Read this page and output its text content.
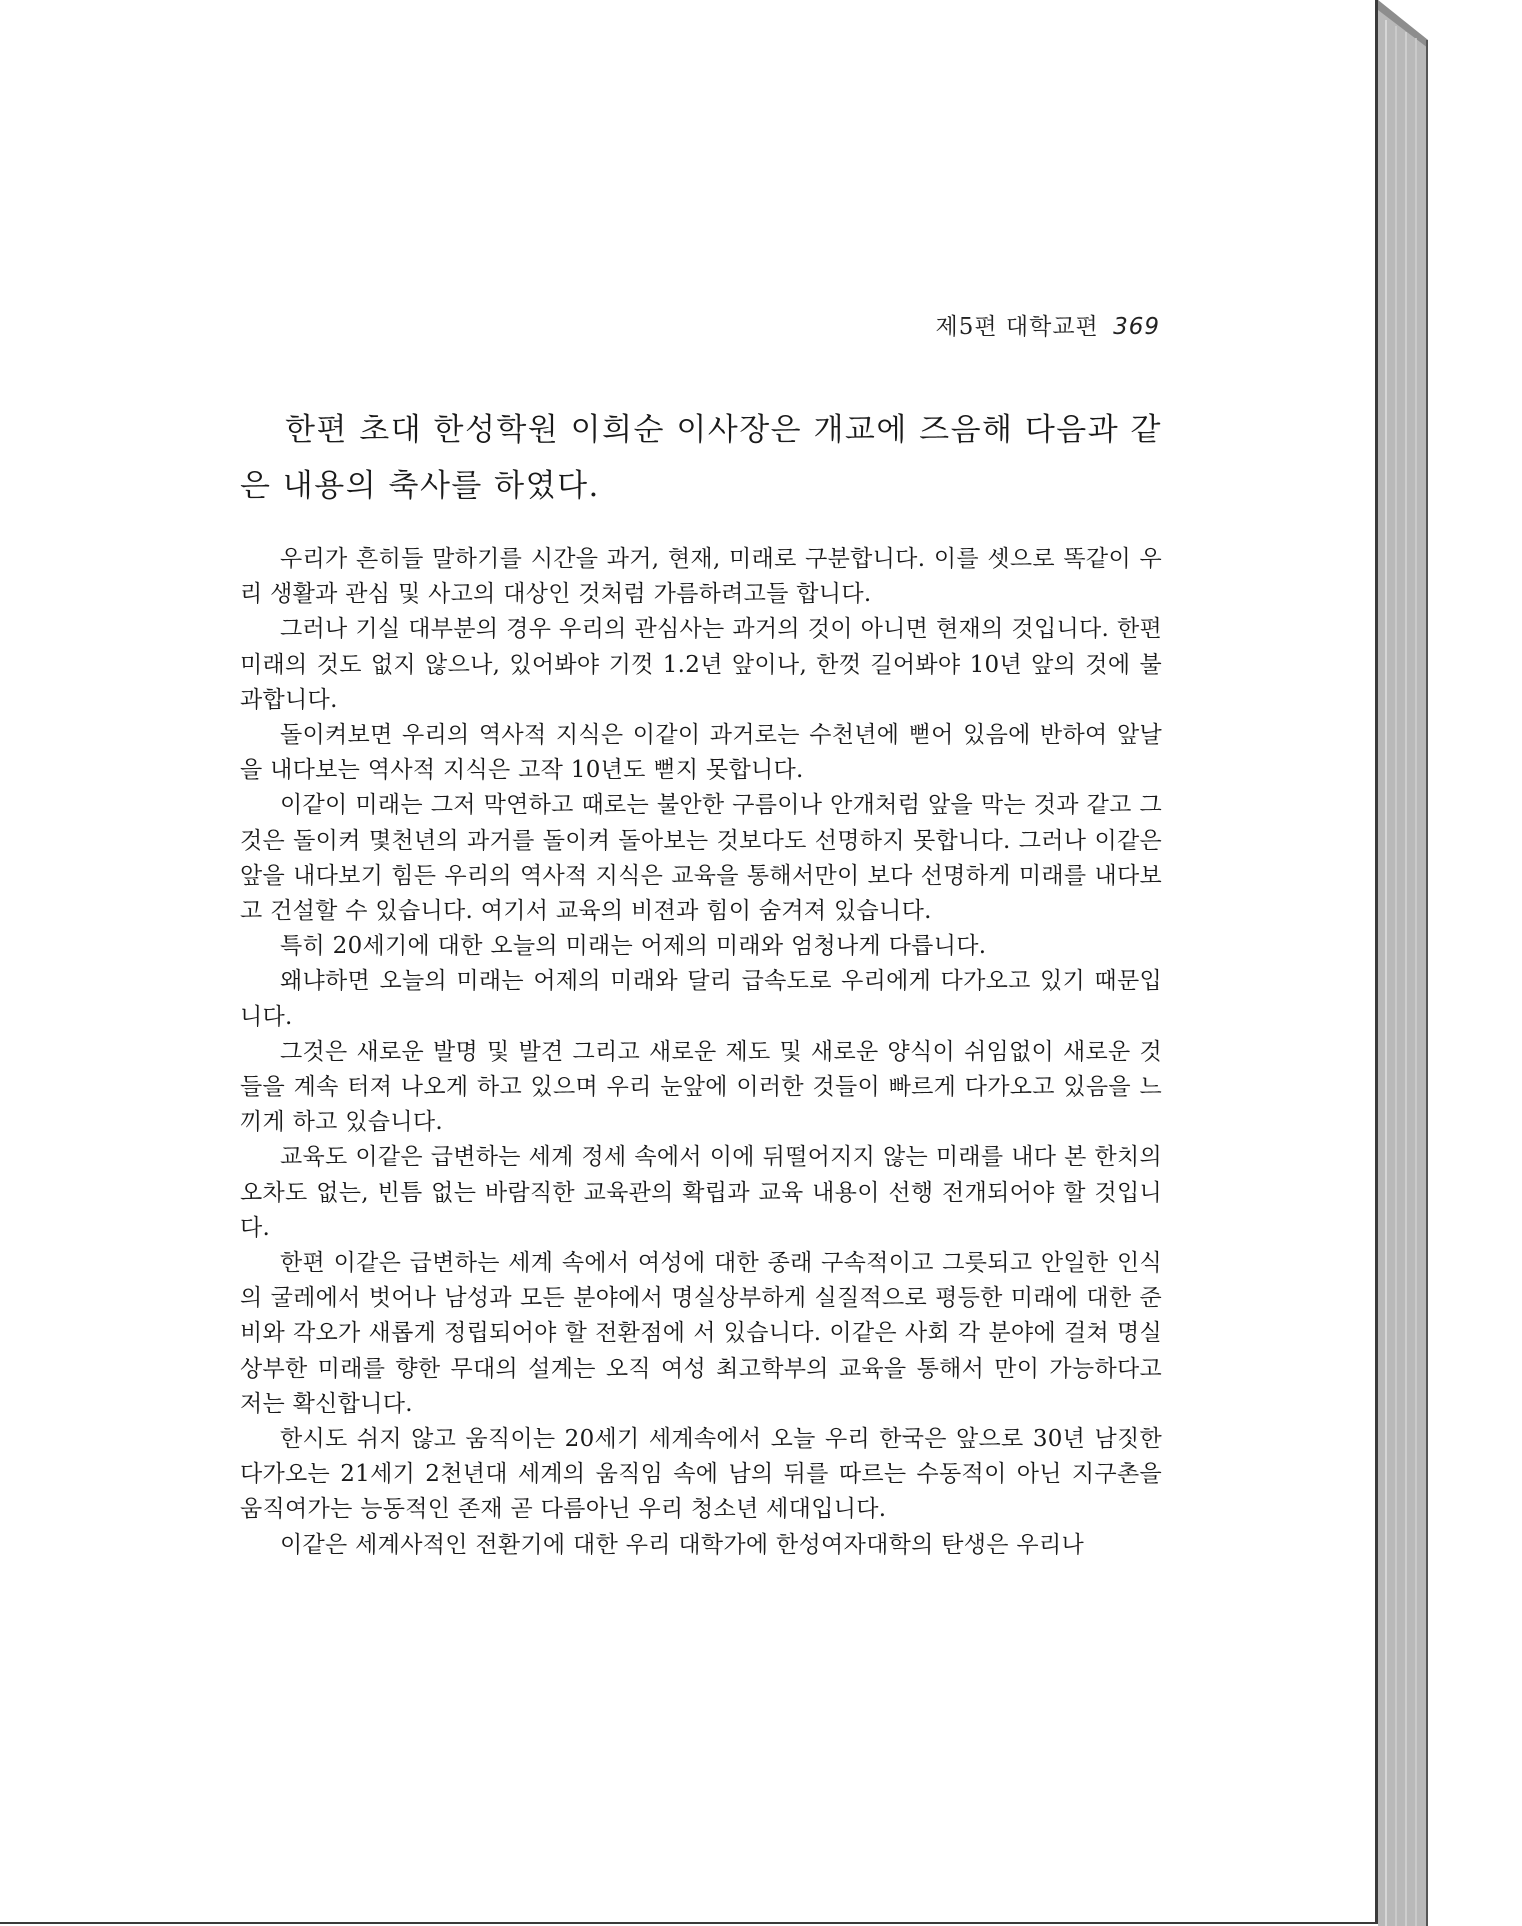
제5편 대학교편 369

한편 초대 한성학원 이희순 이사장은 개교에 즈음해 다음과 같은 내용의 축사를 하였다.

우리가 흔히들 말하기를 시간을 과거, 현재, 미래로 구분합니다. 이를 셋으로 똑같이 우리 생활과 관심 및 사고의 대상인 것처럼 가름하려고들 합니다.

그러나 기실 대부분의 경우 우리의 관심사는 과거의 것이 아니면 현재의 것입니다. 한편 미래의 것도 없지 않으나, 있어봐야 기껏 1.2년 앞이나, 한껏 길어봐야 10년 앞의 것에 불과합니다.

돌이켜보면 우리의 역사적 지식은 이같이 과거로는 수천년에 뻗어 있음에 반하여 앞날을 내다보는 역사적 지식은 고작 10년도 뻗지 못합니다.

이같이 미래는 그저 막연하고 때로는 불안한 구름이나 안개처럼 앞을 막는 것과 같고 그것은 돌이켜 몇천년의 과거를 돌이켜 돌아보는 것보다도 선명하지 못합니다. 그러나 이같은 앞을 내다보기 힘든 우리의 역사적 지식은 교육을 통해서만이 보다 선명하게 미래를 내다보고 건설할 수 있습니다. 여기서 교육의 비젼과 힘이 숨겨져 있습니다.

특히 20세기에 대한 오늘의 미래는 어제의 미래와 엄청나게 다릅니다.

왜냐하면 오늘의 미래는 어제의 미래와 달리 급속도로 우리에게 다가오고 있기 때문입니다.

그것은 새로운 발명 및 발견 그리고 새로운 제도 및 새로운 양식이 쉬임없이 새로운 것들을 계속 터져 나오게 하고 있으며 우리 눈앞에 이러한 것들이 빠르게 다가오고 있음을 느끼게 하고 있습니다.

교육도 이같은 급변하는 세계 정세 속에서 이에 뒤떨어지지 않는 미래를 내다 본 한치의 오차도 없는, 빈틈 없는 바람직한 교육관의 확립과 교육 내용이 선행 전개되어야 할 것입니다.

한편 이같은 급변하는 세계 속에서 여성에 대한 종래 구속적이고 그릇되고 안일한 인식의 굴레에서 벗어나 남성과 모든 분야에서 명실상부하게 실질적으로 평등한 미래에 대한 준비와 각오가 새롭게 정립되어야 할 전환점에 서 있습니다. 이같은 사회 각 분야에 걸쳐 명실상부한 미래를 향한 무대의 설계는 오직 여성 최고학부의 교육을 통해서 만이 가능하다고 저는 확신합니다.

한시도 쉬지 않고 움직이는 20세기 세계속에서 오늘 우리 한국은 앞으로 30년 남짓한 다가오는 21세기 2천년대 세계의 움직임 속에 남의 뒤를 따르는 수동적이 아닌 지구촌을 움직여가는 능동적인 존재 곧 다름아닌 우리 청소년 세대입니다.

이같은 세계사적인 전환기에 대한 우리 대학가에 한성여자대학의 탄생은 우리나
